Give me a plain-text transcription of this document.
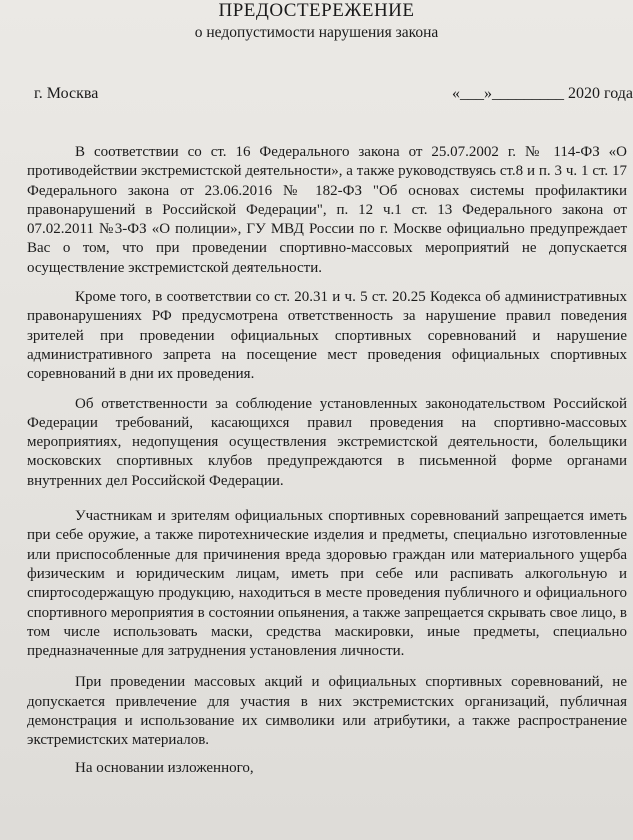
ПРЕДОСТЕРЕЖЕНИЕ
о недопустимости нарушения закона
г. Москва	«___»_________ 2020 года

В соответствии со ст. 16 Федерального закона от 25.07.2002 г. № 114-ФЗ «О противодействии экстремистской деятельности», а также руководствуясь ст.8 и п. 3 ч. 1 ст. 17 Федерального закона от 23.06.2016 № 182-ФЗ "Об основах системы профилактики правонарушений в Российской Федерации", п. 12 ч.1 ст. 13 Федерального закона от 07.02.2011 №3-ФЗ «О полиции», ГУ МВД России по г. Москве официально предупреждает Вас о том, что при проведении спортивно-массовых мероприятий не допускается осуществление экстремистской деятельности.

Кроме того, в соответствии со ст. 20.31 и ч. 5 ст. 20.25 Кодекса об административных правонарушениях РФ предусмотрена ответственность за нарушение правил поведения зрителей при проведении официальных спортивных соревнований и нарушение административного запрета на посещение мест проведения официальных спортивных соревнований в дни их проведения.

Об ответственности за соблюдение установленных законодательством Российской Федерации требований, касающихся правил проведения на спортивно-массовых мероприятиях, недопущения осуществления экстремистской деятельности, болельщики московских спортивных клубов предупреждаются в письменной форме органами внутренних дел Российской Федерации.

Участникам и зрителям официальных спортивных соревнований запрещается иметь при себе оружие, а также пиротехнические изделия и предметы, специально изготовленные или приспособленные для причинения вреда здоровью граждан или материального ущерба физическим и юридическим лицам, иметь при себе или распивать алкогольную и спиртосодержащую продукцию, находиться в месте проведения публичного и официального спортивного мероприятия в состоянии опьянения, а также запрещается скрывать свое лицо, в том числе использовать маски, средства маскировки, иные предметы, специально предназначенные для затруднения установления личности.

При проведении массовых акций и официальных спортивных соревнований, не допускается привлечение для участия в них экстремистских организаций, публичная демонстрация и использование их символики или атрибутики, а также распространение экстремистских материалов.

На основании изложенного,
